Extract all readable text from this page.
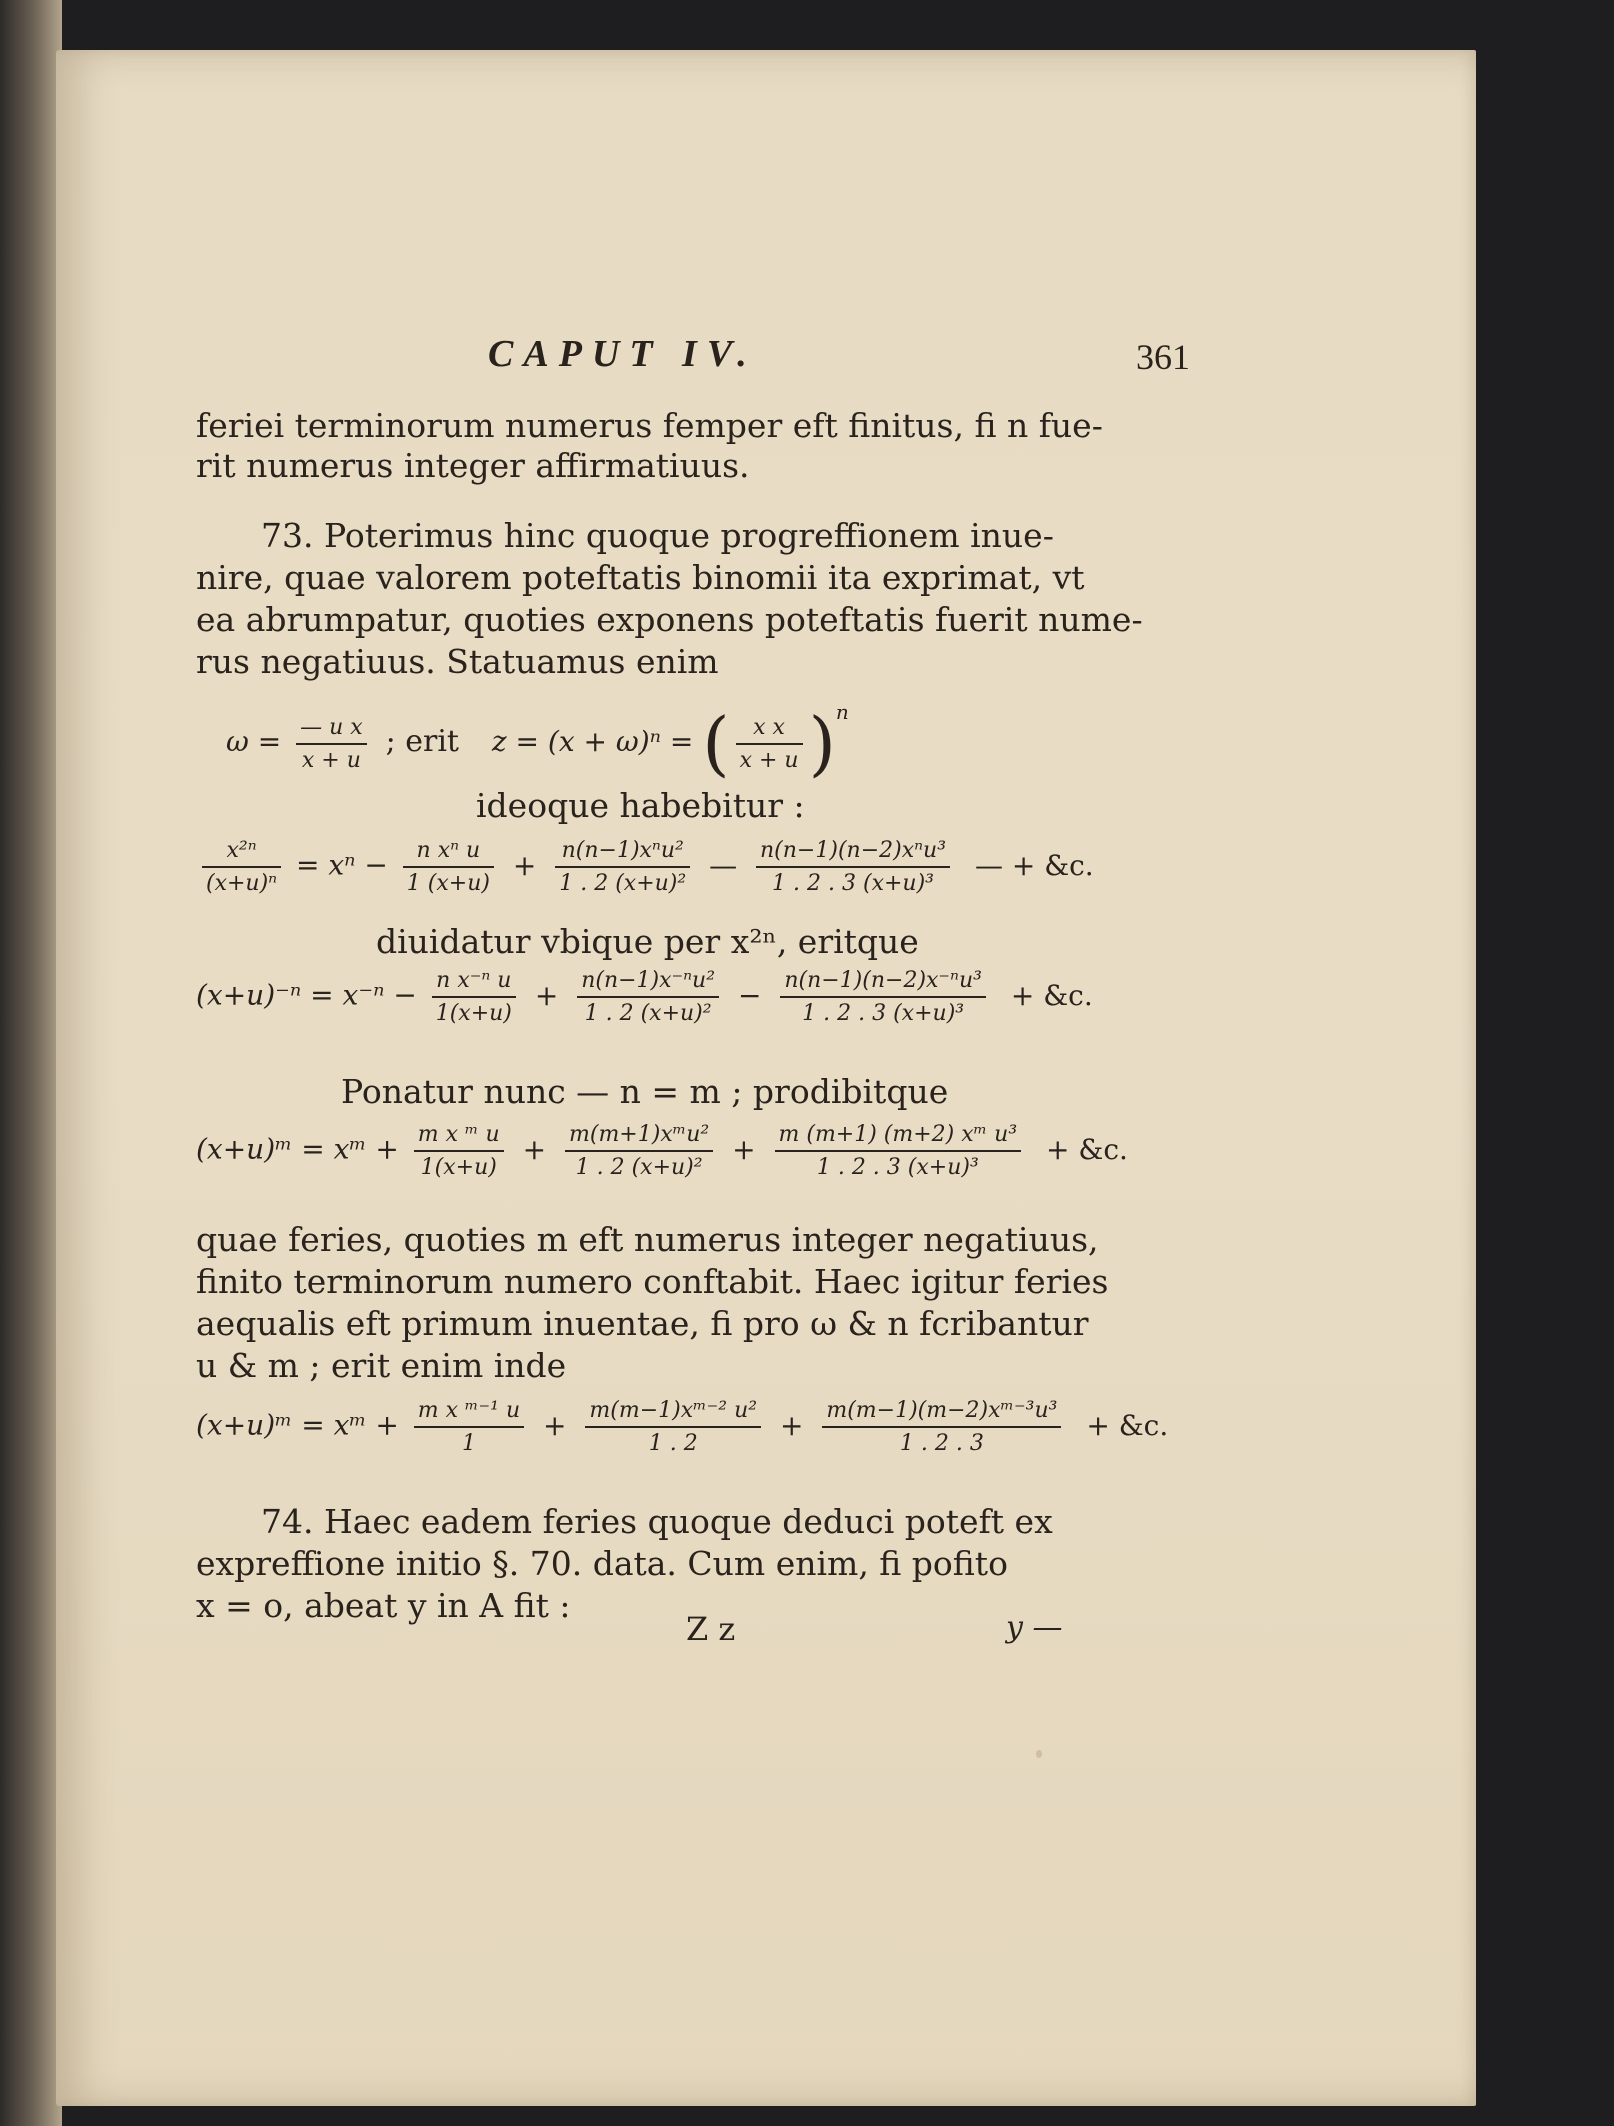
CAPUT IV.	361
feriei terminorum numerus femper eft finitus, fi n fue-
rit numerus integer affirmatiuus.
73. Poterimus hinc quoque progreffionem inue-
nire, quae valorem poteftatis binomii ita exprimat, vt
ea abrumpatur, quoties exponens poteftatis fuerit nume-
rus negatiuus. Statuamus enim
$\omega = \frac{\text{— u x}}{x + u}$ ; erit z = (x + ω)ⁿ = ( $\frac{\text{x x}}{x + u} )^n$
ideoque habebitur :
$\frac{\text{x²ⁿ}}{\text{(x+u)ⁿ}} = x^n - \frac{\text{n xⁿ u}}{1 (x+u)} + \frac{\text{n(n−1)xⁿu²}}{\text{1 . 2 (x+u)²}}$ — $\frac{\text{n(n−1)(n−2)xⁿu³}}{\text{1 . 2 . 3 (x+u)³}}$ — + &c.
diuidatur vbique per x²ⁿ, eritque
$(x+u)^{-n} = x^{-n} - \frac{\text{n x⁻ⁿ u}}{1(x+u)} + \frac{\text{n(n−1)x⁻ⁿu²}}{\text{1 . 2 (x+u)²}} - \frac{\text{n(n−1)(n−2)x⁻ⁿu³}}{\text{1 . 2 . 3 (x+u)³}}$ + &c.
Ponatur nunc — n = m ; prodibitque
(x+u)ᵐ = xᵐ + $\frac{\text{m x ᵐ u}}{1(x+u)} + \frac{\text{m(m+1)xᵐu²}}{\text{1 . 2 (x+u)²}} + \frac{\text{m (m+1) (m+2) xᵐ u³}}{\text{1 . 2 . 3 (x+u)³}}$ + &c.
quae feries, quoties m eft numerus integer negatiuus,
finito terminorum numero conftabit. Haec igitur feries
aequalis eft primum inuentae, fi pro ω & n fcribantur
u & m ; erit enim inde
(x+u)ᵐ = xᵐ + $\frac{\text{m x ᵐ⁻¹ u}}{1} + \frac{\text{m(m−1)xᵐ⁻² u²}}{1 . 2} + \frac{\text{m(m−1)(m−2)xᵐ⁻³u³}}{1 . 2 . 3}$ + &c.
74. Haec eadem feries quoque deduci poteft ex
expreffione initio §. 70. data. Cum enim, fi pofito
x = o, abeat y in A fit :
Z z	y —
